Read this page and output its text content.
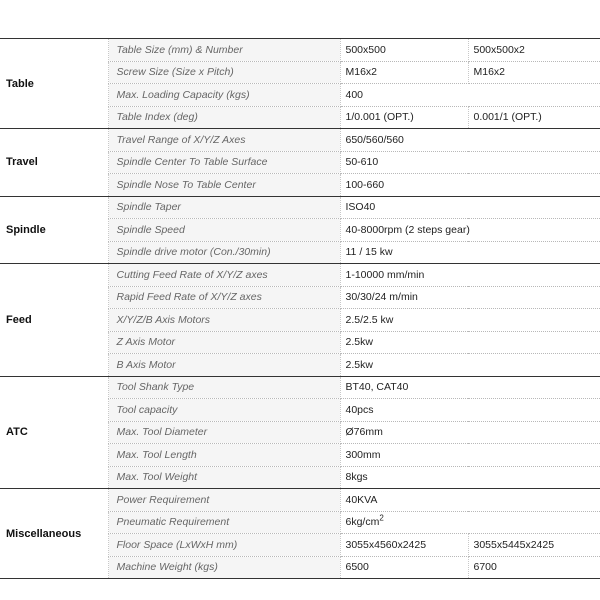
Table	Table Size (mm) & Number	500x500	500x500x2
	Screw Size (Size x Pitch)	M16x2	M16x2
	Max. Loading Capacity (kgs)	400	
	Table Index (deg)	1/0.001 (OPT.)	0.001/1 (OPT.)
Travel	Travel Range of X/Y/Z Axes	650/560/560	
	Spindle Center To Table Surface	50-610	
	Spindle Nose To Table Center	100-660	
Spindle	Spindle Taper	ISO40	
	Spindle Speed	40-8000rpm (2 steps gear)	
	Spindle drive motor (Con./30min)	11 / 15 kw	
Feed	Cutting Feed Rate of X/Y/Z axes	1-10000 mm/min	
	Rapid Feed Rate of X/Y/Z axes	30/30/24 m/min	
	X/Y/Z/B Axis Motors	2.5/2.5 kw	
	Z Axis Motor	2.5kw	
	B Axis Motor	2.5kw	
ATC	Tool Shank Type	BT40, CAT40	
	Tool capacity	40pcs	
	Max. Tool Diameter	Ø76mm	
	Max. Tool Length	300mm	
	Max. Tool Weight	8kgs	
Miscellaneous	Power Requirement	40KVA	
	Pneumatic Requirement	$6kg/cm^2$
	Floor Space (LxWxH mm)	3055x4560x2425	3055x5445x2425
	Machine Weight (kgs)	6500	6700
